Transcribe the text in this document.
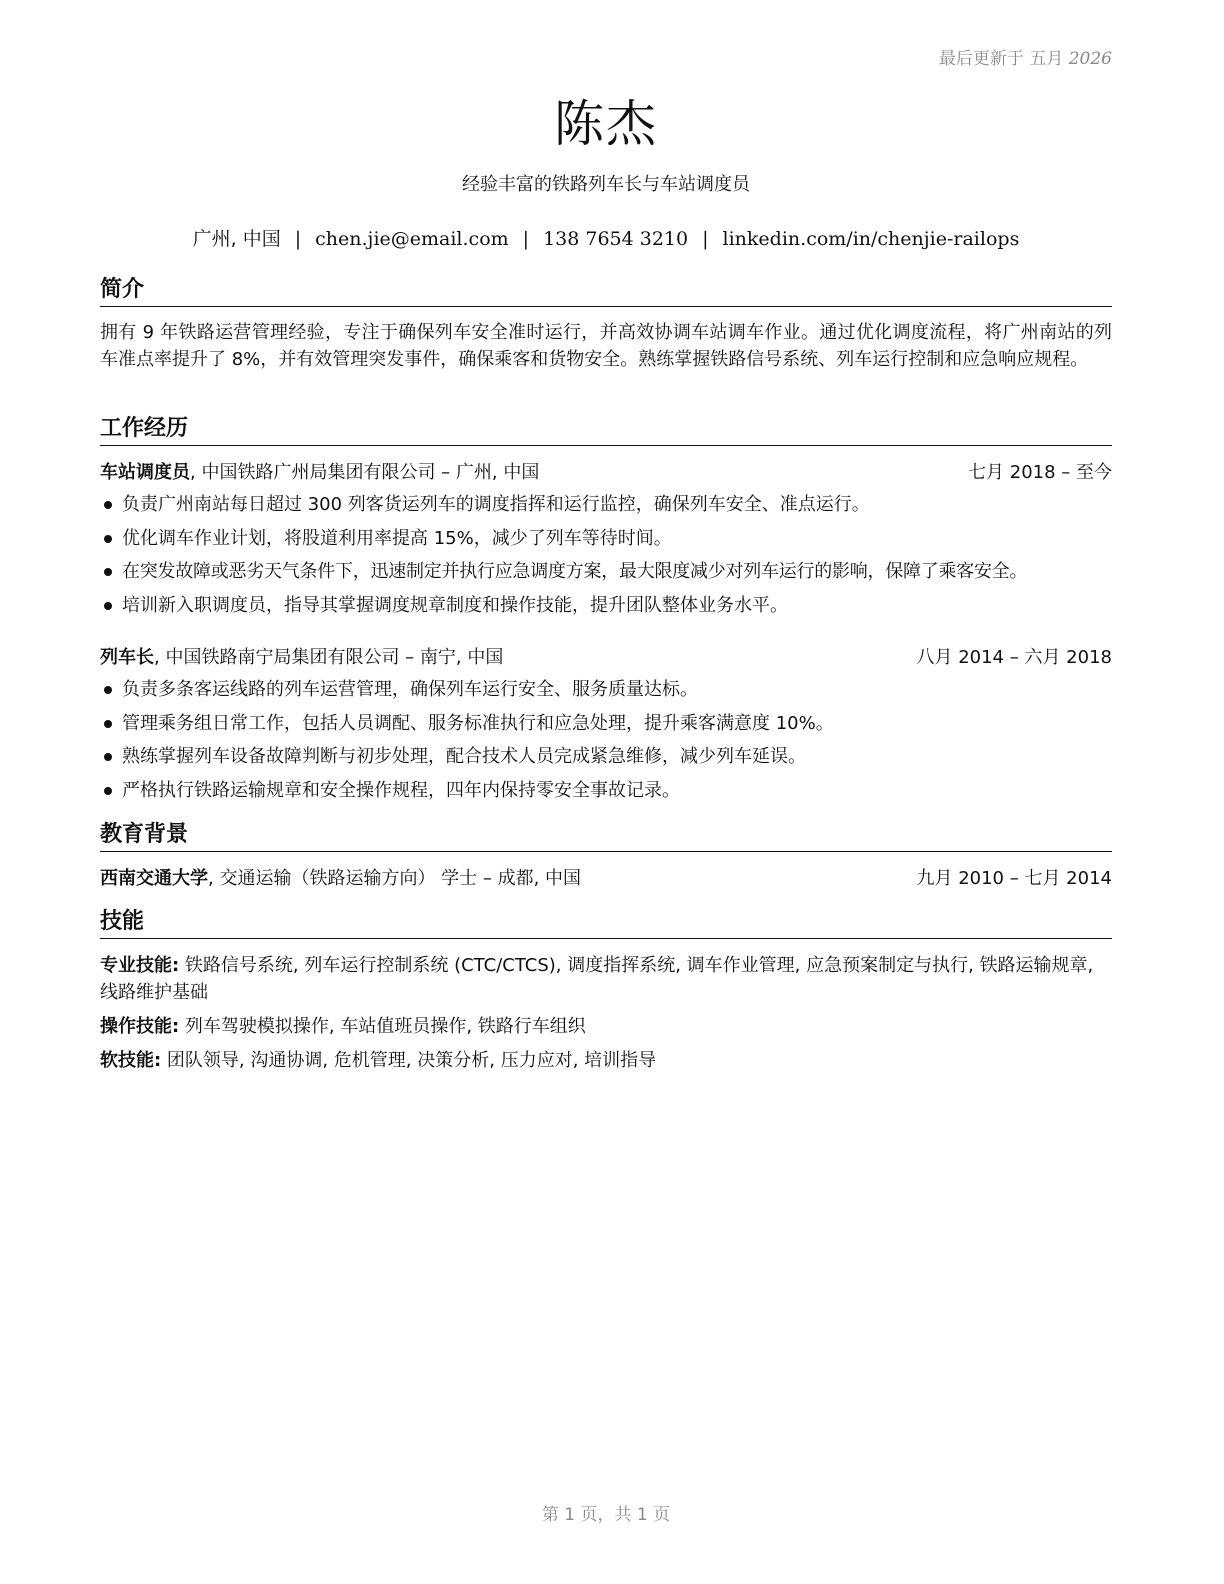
最后更新于 五月 2026
陈杰
经验丰富的铁路列车长与车站调度员
广州, 中国 | chen.jie@email.com | 138 7654 3210 | linkedin.com/in/chenjie-railops
简介
拥有 9 年铁路运营管理经验，专注于确保列车安全准时运行，并高效协调车站调车作业。通过优化调度流程，将广州南站的列车准点率提升了 8%，并有效管理突发事件，确保乘客和货物安全。熟练掌握铁路信号系统、列车运行控制和应急响应规程。
工作经历
车站调度员, 中国铁路广州局集团有限公司 – 广州, 中国	七月 2018 – 至今
负责广州南站每日超过 300 列客货运列车的调度指挥和运行监控，确保列车安全、准点运行。
优化调车作业计划，将股道利用率提高 15%，减少了列车等待时间。
在突发故障或恶劣天气条件下，迅速制定并执行应急调度方案，最大限度减少对列车运行的影响，保障了乘客安全。
培训新入职调度员，指导其掌握调度规章制度和操作技能，提升团队整体业务水平。
列车长, 中国铁路南宁局集团有限公司 – 南宁, 中国	八月 2014 – 六月 2018
负责多条客运线路的列车运营管理，确保列车运行安全、服务质量达标。
管理乘务组日常工作，包括人员调配、服务标准执行和应急处理，提升乘客满意度 10%。
熟练掌握列车设备故障判断与初步处理，配合技术人员完成紧急维修，减少列车延误。
严格执行铁路运输规章和安全操作规程，四年内保持零安全事故记录。
教育背景
西南交通大学, 交通运输（铁路运输方向） 学士 – 成都, 中国	九月 2010 – 七月 2014
技能
专业技能: 铁路信号系统, 列车运行控制系统 (CTC/CTCS), 调度指挥系统, 调车作业管理, 应急预案制定与执行, 铁路运输规章, 线路维护基础
操作技能: 列车驾驶模拟操作, 车站值班员操作, 铁路行车组织
软技能: 团队领导, 沟通协调, 危机管理, 决策分析, 压力应对, 培训指导
第 1 页，共 1 页
